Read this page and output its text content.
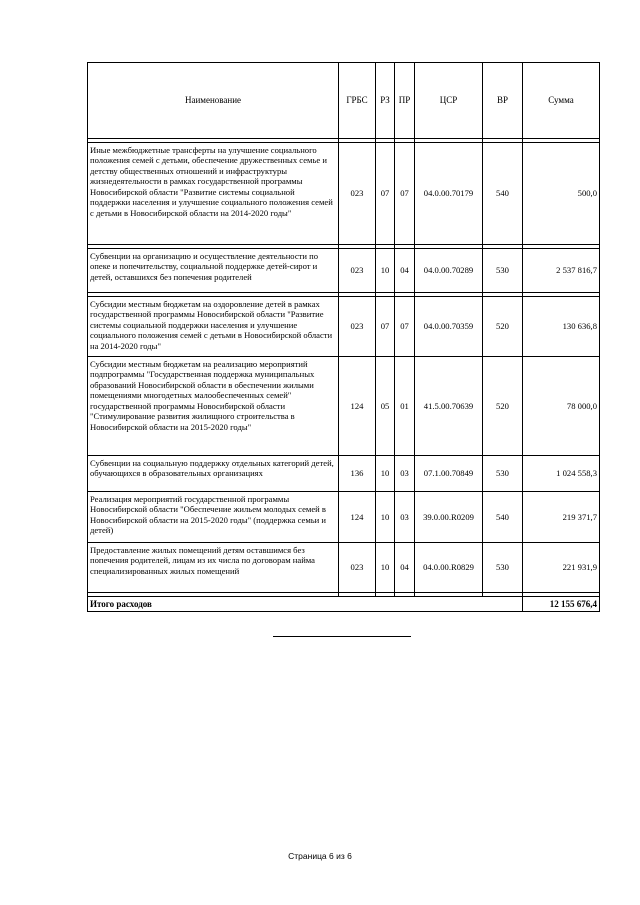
Наименование	ГРБС	РЗ	ПР	ЦСР	ВР	Сумма

Иные межбюджетные трансферты на улучшение социального положения семей с детьми, обеспечение дружественных семье и детству общественных отношений и инфраструктуры жизнедеятельности в рамках государственной программы Новосибирской области "Развитие системы социальной поддержки населения и улучшение социального положения семей с детьми в Новосибирской области на 2014-2020 годы"	023	07	07	04.0.00.70179	540	500,0

Субвенции на организацию и осуществление деятельности по опеке и попечительству, социальной поддержке детей-сирот и детей, оставшихся без попечения родителей	023	10	04	04.0.00.70289	530	2 537 816,7

Субсидии местным бюджетам на оздоровление детей в рамках государственной программы Новосибирской области "Развитие системы социальной поддержки населения и улучшение социального положения семей с детьми в Новосибирской области на 2014-2020 годы"	023	07	07	04.0.00.70359	520	130 636,8
Субсидии местным бюджетам на реализацию мероприятий подпрограммы "Государственная поддержка муниципальных образований Новосибирской области в обеспечении жилыми помещениями многодетных малообеспеченных семей" государственной программы Новосибирской области "Стимулирование развития жилищного строительства в Новосибирской области на 2015-2020 годы"	124	05	01	41.5.00.70639	520	78 000,0
Субвенции на социальную поддержку отдельных категорий детей, обучающихся в образовательных организациях	136	10	03	07.1.00.70849	530	1 024 558,3
Реализация мероприятий государственной программы Новосибирской области "Обеспечение жильем молодых семей в Новосибирской области на 2015-2020 годы" (поддержка семьи и детей)	124	10	03	39.0.00.R0209	540	219 371,7
Предоставление жилых помещений детям оставшимся без попечения родителей, лицам из их числа по договорам найма специализированных жилых помещений	023	10	04	04.0.00.R0829	530	221 931,9

Итого расходов						12 155 676,4
Страница 6 из 6
